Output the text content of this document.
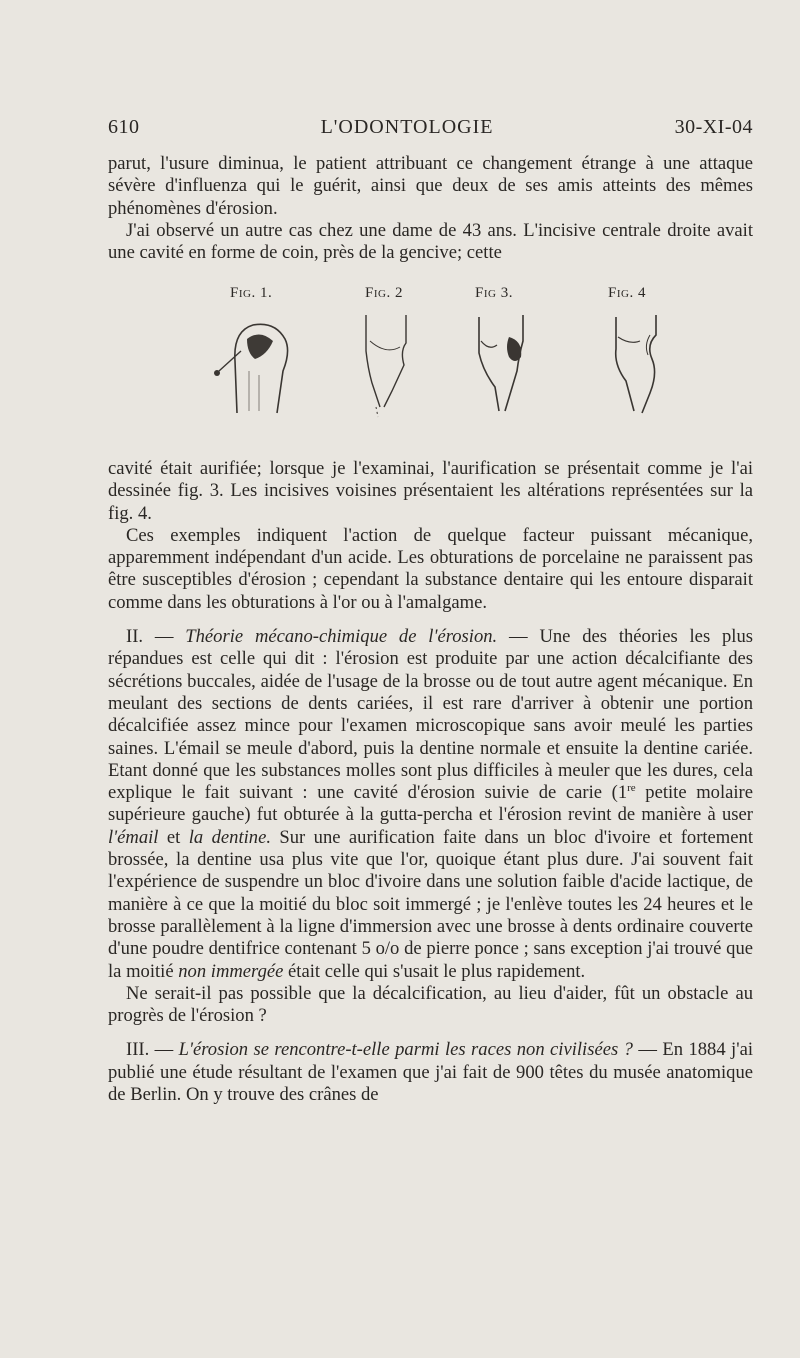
610	L'ODONTOLOGIE	30-XI-04

parut, l'usure diminua, le patient attribuant ce changement étrange à une attaque sévère d'influenza qui le guérit, ainsi que deux de ses amis atteints des mêmes phénomènes d'érosion.

J'ai observé un autre cas chez une dame de 43 ans. L'incisive centrale droite avait une cavité en forme de coin, près de la gencive; cette

Fig. 1.	Fig. 2	Fig 3.	Fig. 4

cavité était aurifiée; lorsque je l'examinai, l'aurification se présentait comme je l'ai dessinée fig. 3. Les incisives voisines présentaient les altérations représentées sur la fig. 4.

Ces exemples indiquent l'action de quelque facteur puissant mécanique, apparemment indépendant d'un acide. Les obturations de porcelaine ne paraissent pas être susceptibles d'érosion ; cependant la substance dentaire qui les entoure disparait comme dans les obturations à l'or ou à l'amalgame.

II. — Théorie mécano-chimique de l'érosion. — Une des théories les plus répandues est celle qui dit : l'érosion est produite par une action décalcifiante des sécrétions buccales, aidée de l'usage de la brosse ou de tout autre agent mécanique. En meulant des sections de dents cariées, il est rare d'arriver à obtenir une portion décalcifiée assez mince pour l'examen microscopique sans avoir meulé les parties saines. L'émail se meule d'abord, puis la dentine normale et ensuite la dentine cariée. Etant donné que les substances molles sont plus difficiles à meuler que les dures, cela explique le fait suivant : une cavité d'érosion suivie de carie (1re petite molaire supérieure gauche) fut obturée à la gutta-percha et l'érosion revint de manière à user l'émail et la dentine. Sur une aurification faite dans un bloc d'ivoire et fortement brossée, la dentine usa plus vite que l'or, quoique étant plus dure. J'ai souvent fait l'expérience de suspendre un bloc d'ivoire dans une solution faible d'acide lactique, de manière à ce que la moitié du bloc soit immergé ; je l'enlève toutes les 24 heures et le brosse parallèlement à la ligne d'immersion avec une brosse à dents ordinaire couverte d'une poudre dentifrice contenant 5 o/o de pierre ponce ; sans exception j'ai trouvé que la moitié non immergée était celle qui s'usait le plus rapidement.

Ne serait-il pas possible que la décalcification, au lieu d'aider, fût un obstacle au progrès de l'érosion ?

III. — L'érosion se rencontre-t-elle parmi les races non civilisées ? — En 1884 j'ai publié une étude résultant de l'examen que j'ai fait de 900 têtes du musée anatomique de Berlin. On y trouve des crânes de
